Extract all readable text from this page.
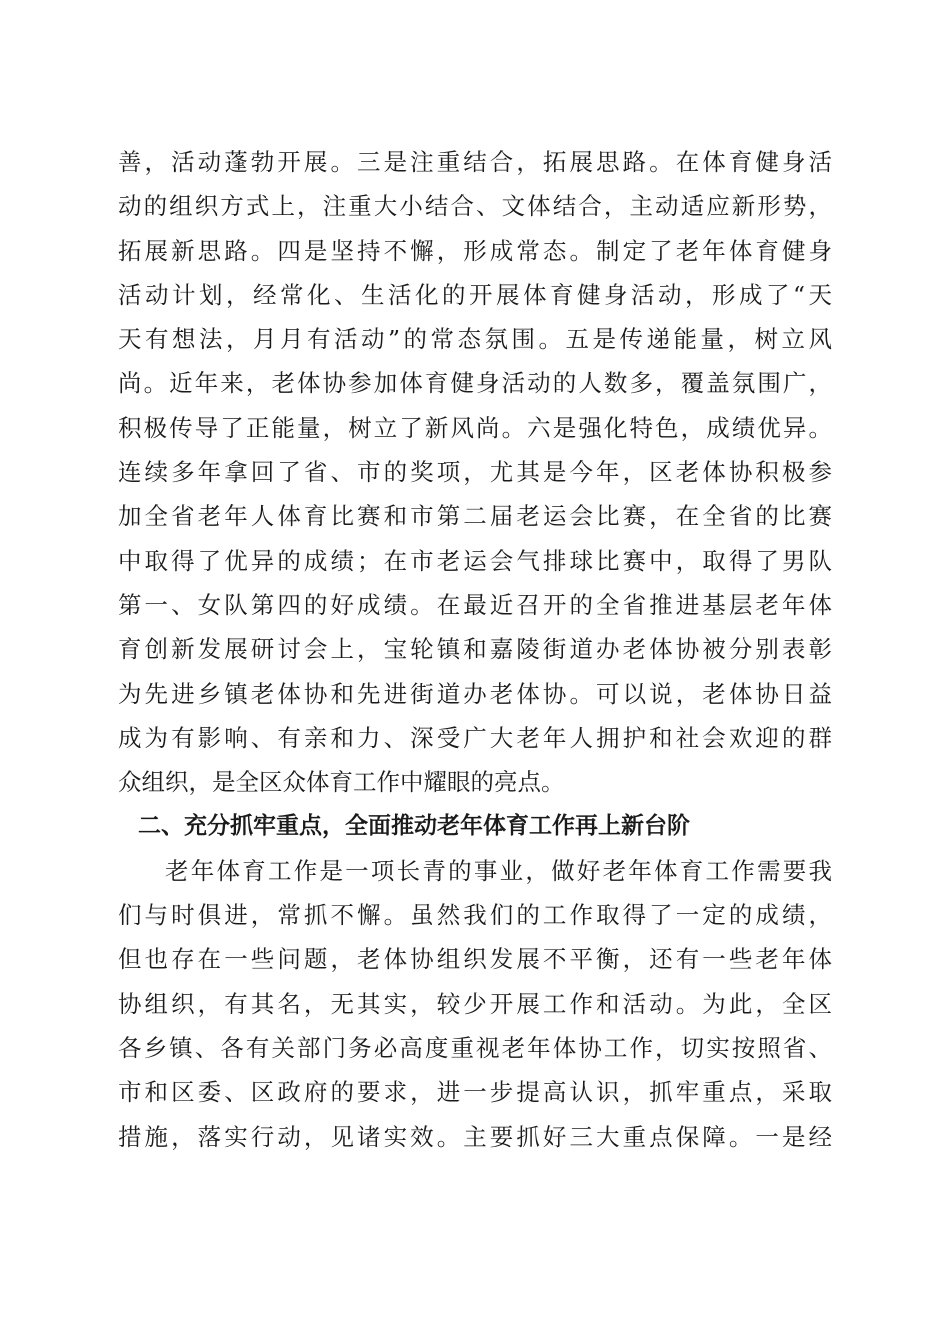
善，活动蓬勃开展。三是注重结合，拓展思路。在体育健身活
动的组织方式上，注重大小结合、文体结合，主动适应新形势，
拓展新思路。四是坚持不懈，形成常态。制定了老年体育健身
活动计划，经常化、生活化的开展体育健身活动，形成了“天
天有想法，月月有活动”的常态氛围。五是传递能量，树立风
尚。近年来，老体协参加体育健身活动的人数多，覆盖氛围广，
积极传导了正能量，树立了新风尚。六是强化特色，成绩优异。
连续多年拿回了省、市的奖项，尤其是今年，区老体协积极参
加全省老年人体育比赛和市第二届老运会比赛，在全省的比赛
中取得了优异的成绩；在市老运会气排球比赛中，取得了男队
第一、女队第四的好成绩。在最近召开的全省推进基层老年体
育创新发展研讨会上，宝轮镇和嘉陵街道办老体协被分别表彰
为先进乡镇老体协和先进街道办老体协。可以说，老体协日益
成为有影响、有亲和力、深受广大老年人拥护和社会欢迎的群
众组织，是全区众体育工作中耀眼的亮点。
二、充分抓牢重点，全面推动老年体育工作再上新台阶
老年体育工作是一项长青的事业，做好老年体育工作需要我
们与时俱进，常抓不懈。虽然我们的工作取得了一定的成绩，
但也存在一些问题，老体协组织发展不平衡，还有一些老年体
协组织，有其名，无其实，较少开展工作和活动。为此，全区
各乡镇、各有关部门务必高度重视老年体协工作，切实按照省、
市和区委、区政府的要求，进一步提高认识，抓牢重点，采取
措施，落实行动，见诸实效。主要抓好三大重点保障。一是经
